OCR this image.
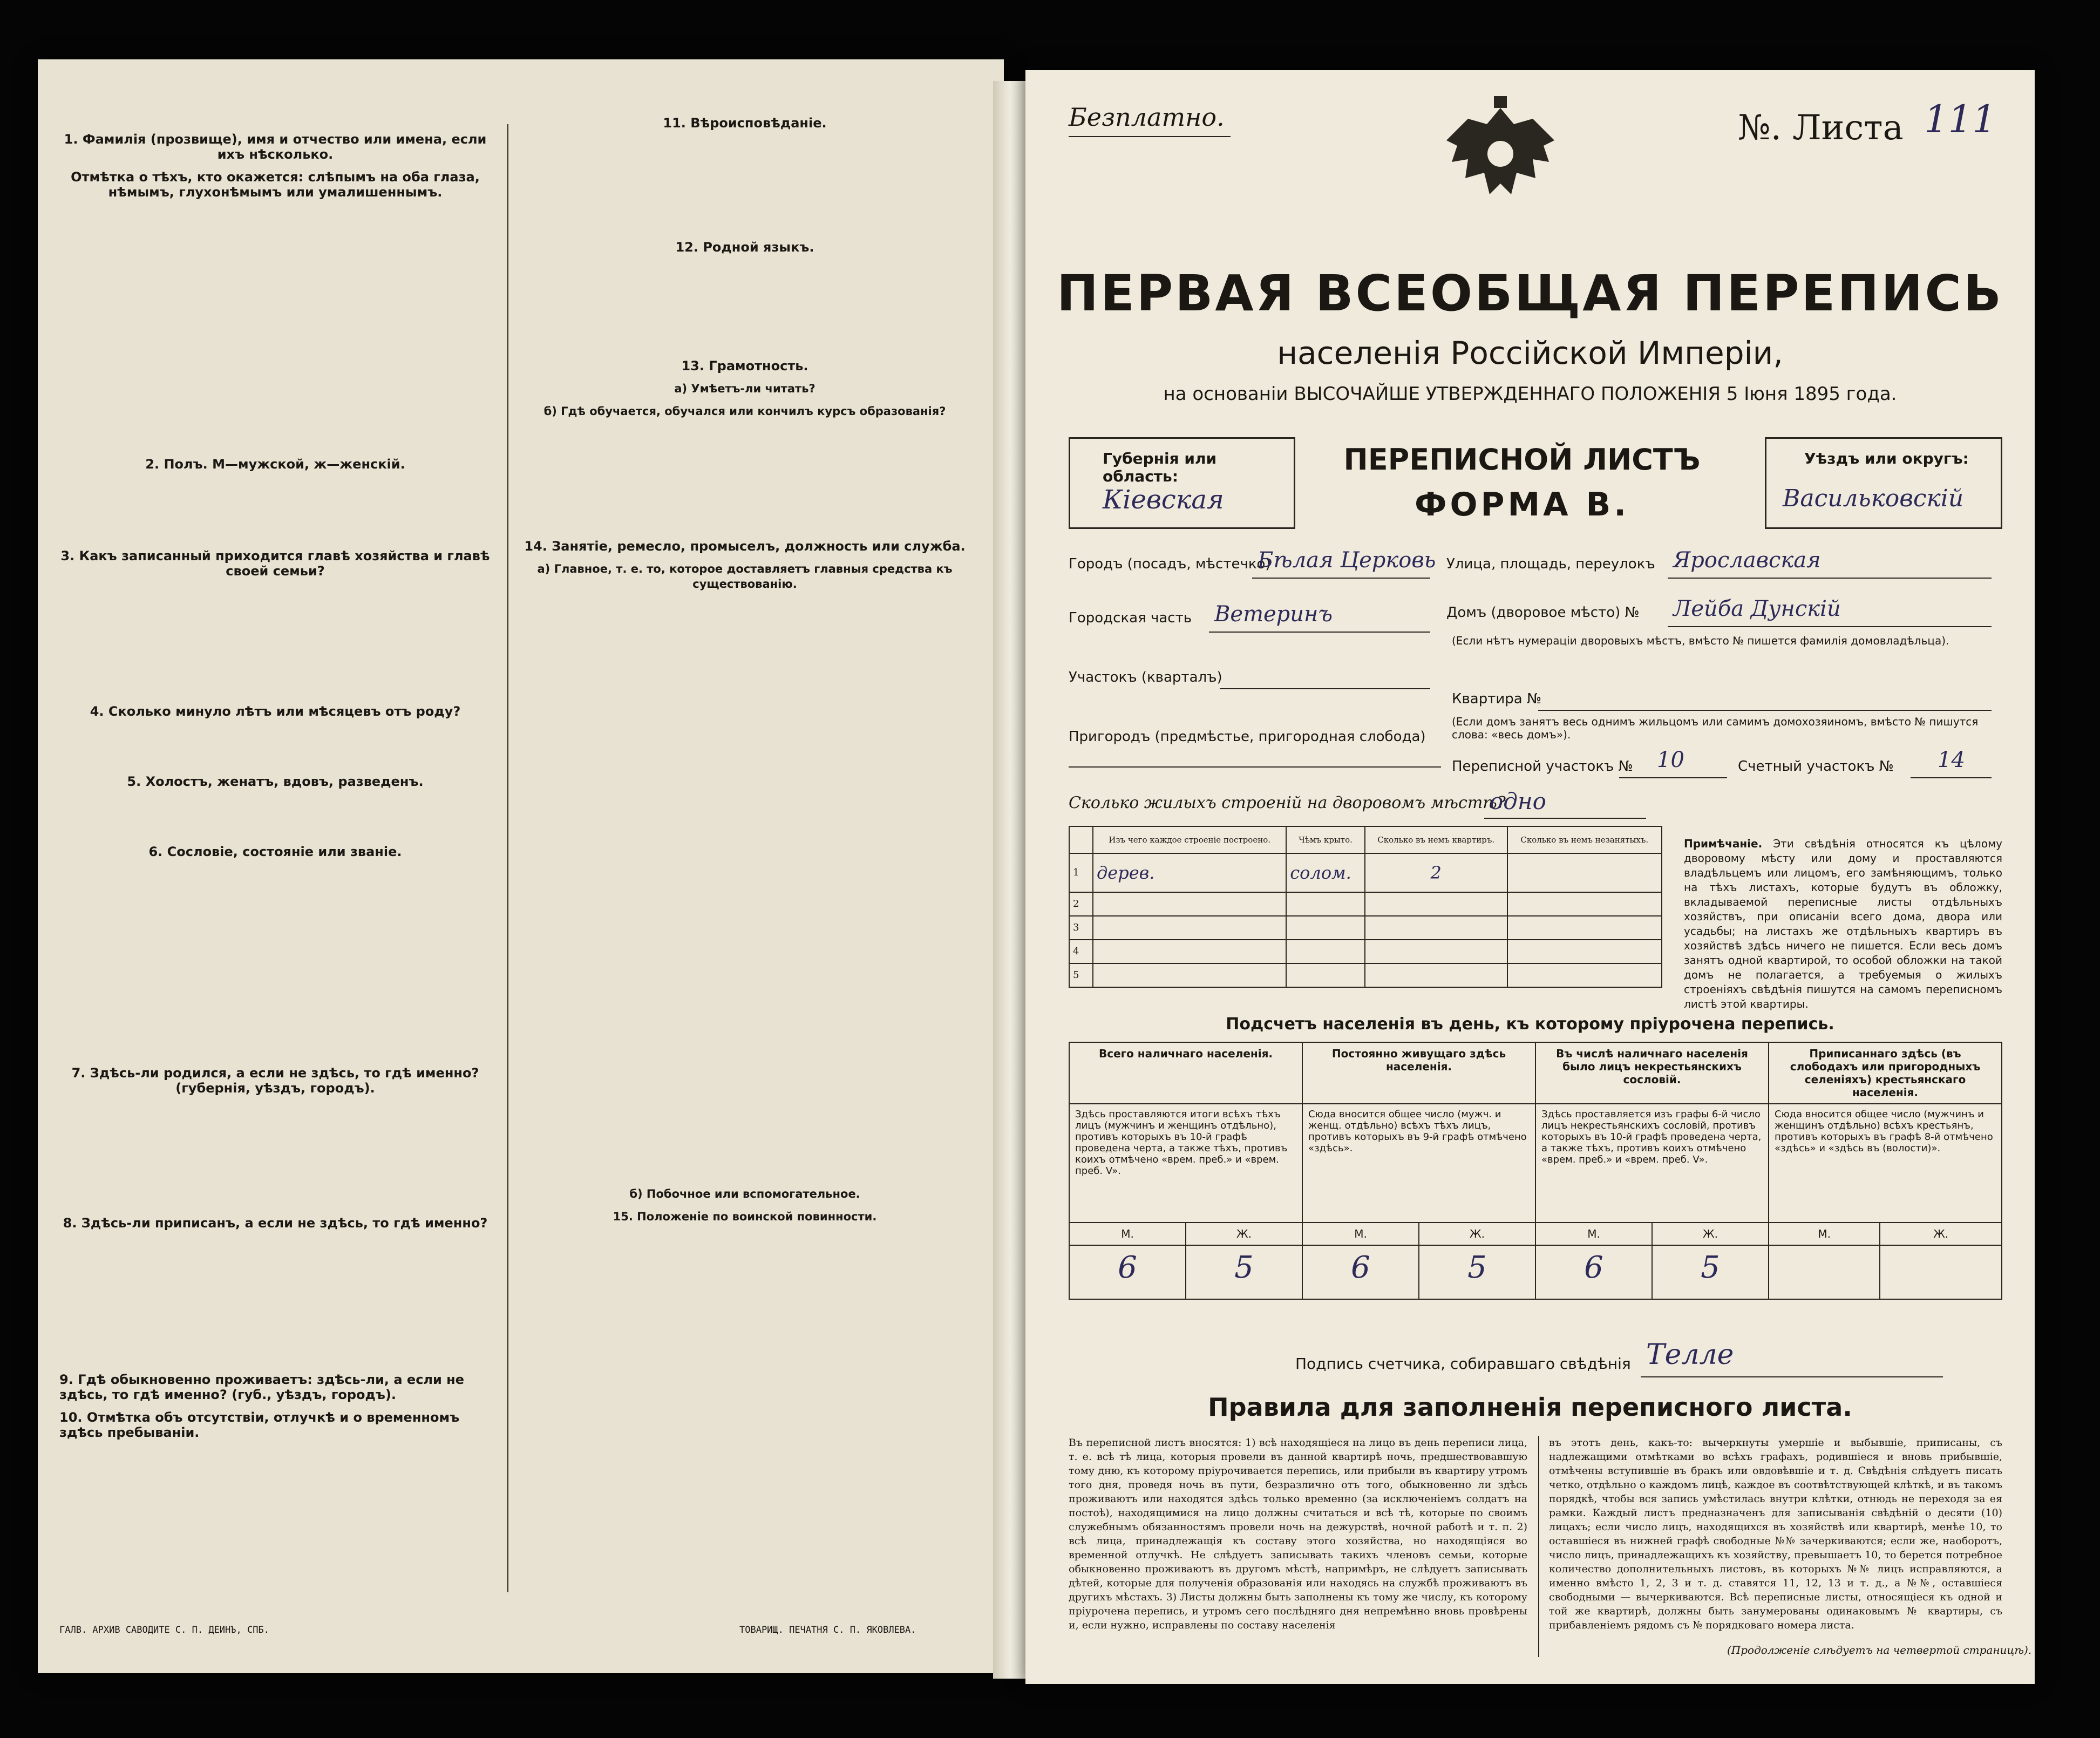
1. Фамилія (прозвище), имя и отчество или имена, если ихъ нѣсколько.
Отмѣтка о тѣхъ, кто окажется: слѣпымъ на оба глаза, нѣмымъ, глухонѣмымъ или умалишеннымъ.

2. Полъ. М—мужской, ж—женскій.
3. Какъ записанный приходится главѣ хозяйства и главѣ своей семьи?
4. Сколько минуло лѣтъ или мѣсяцевъ отъ роду?
5. Холостъ, женатъ, вдовъ, разведенъ.
6. Сословіе, состояніе или званіе.
7. Здѣсь-ли родился, а если не здѣсь, то гдѣ именно? (губернія, уѣздъ, городъ).
8. Здѣсь-ли приписанъ, а если не здѣсь, то гдѣ именно?
9. Гдѣ обыкновенно проживаетъ: здѣсь-ли, а если не здѣсь, то гдѣ именно? (губ., уѣздъ, городъ).
10. Отмѣтка объ отсутствіи, отлучкѣ и о временномъ здѣсь пребываніи.
11. Вѣроисповѣданіе.
12. Родной языкъ.
13. Грамотность.
а) Умѣетъ-ли читать?
б) Гдѣ обучается, обучался или кончилъ курсъ образованія?
14. Занятіе, ремесло, промыселъ, должность или служба.
а) Главное, т. е. то, которое доставляетъ главныя средства къ существованію.
б) Побочное или вспомогательное.
15. Положеніе по воинской повинности.
ГАЛВ. АРХИВ САВОДИТЕ С. П. ДЕИНЪ, СПБ.	ТОВАРИЩ. ПЕЧАТНЯ С. П. ЯКОВЛЕВА.
Безплатно.	№. Листа 111
ПЕРВАЯ ВСЕОБЩАЯ ПЕРЕПИСЬ
населенія Россійской Имперіи,
на основаніи ВЫСОЧАЙШЕ УТВЕРЖДЕННАГО ПОЛОЖЕНІЯ 5 Іюня 1895 года.
Губернія или область:
Кіевская
ПЕРЕПИСНОЙ ЛИСТЪ
ФОРМА В.
Уѣздъ или округъ:
Васильковскій
Городъ (посадъ, мѣстечко)
Бѣлая Церковь Улица, площадь, переулокъ Ярославская
Городская часть Ветеринъ	Домъ (дворовое мѣсто) № Лейба Дунскій
(Если нѣтъ нумераціи дворовыхъ мѣстъ, вмѣсто № пишется фамилія домовладѣльца).
Участокъ (кварталъ)
Квартира №
(Если домъ занятъ весь однимъ жильцомъ или самимъ домохозяиномъ, вмѣсто № пишутся слова: «весь домъ»).
Пригородъ (предмѣстье, пригородная слобода)
Переписной участокъ № 10	Счетный участокъ № 14
Сколько жилыхъ строеній на дворовомъ мѣстѣ?
одно
	Изъ чего каждое строеніе построено.	Чѣмъ крыто.	Сколько въ немъ квартиръ.	Сколько въ немъ незанятыхъ.
1	дерев.	солом.	2	
2				
3				
4				
5				
Примѣчаніе. Эти свѣдѣнія относятся къ цѣлому дворовому мѣсту или дому и проставляются владѣльцемъ или лицомъ, его замѣняющимъ, только на тѣхъ листахъ, которые будутъ въ обложку, вкладываемой переписные листы отдѣльныхъ хозяйствъ, при описаніи всего дома, двора или усадьбы; на листахъ же отдѣльныхъ квартиръ въ хозяйствѣ здѣсь ничего не пишется. Если весь домъ занятъ одной квартирой, то особой обложки на такой домъ не полагается, а требуемыя о жилыхъ строеніяхъ свѣдѣнія пишутся на самомъ переписномъ листѣ этой квартиры.
Подсчетъ населенія въ день, къ которому пріурочена перепись.
Всего наличнаго населенія.		Постоянно живущаго здѣсь населенія.		Въ числѣ наличнаго населенія было лицъ некрестьянскихъ сословій.		Приписаннаго здѣсь (въ слободахъ или пригородныхъ селеніяхъ) крестьянскаго населенія.	
Здѣсь проставляются итоги всѣхъ тѣхъ лицъ (мужчинъ и женщинъ отдѣльно), противъ которыхъ въ 10-й графѣ проведена черта, а также тѣхъ, противъ коихъ отмѣчено «врем. преб.» и «врем. преб. V».		Сюда вносится общее число (мужч. и женщ. отдѣльно) всѣхъ тѣхъ лицъ, противъ которыхъ въ 9-й графѣ отмѣчено «здѣсь».		Здѣсь проставляется изъ графы 6-й число лицъ некрестьянскихъ сословій, противъ которыхъ въ 10-й графѣ проведена черта, а также тѣхъ, противъ коихъ отмѣчено «врем. преб.» и «врем. преб. V».		Сюда вносится общее число (мужчинъ и женщинъ отдѣльно) всѣхъ крестьянъ, противъ которыхъ въ графѣ 8-й отмѣчено «здѣсь» и «здѣсь въ (волости)».	
М.	Ж.	М.	Ж.	М.	Ж.	М.	Ж.
6	5	6	5	6	5		
Подпись счетчика, собиравшаго свѣдѣнія Телле
Правила для заполненія переписного листа.
Въ переписной листъ вносятся: 1) всѣ находящіеся на лицо въ день переписи лица, т. е. всѣ тѣ лица, которыя провели въ данной квартирѣ ночь, предшествовавшую тому дню, къ которому пріурочивается перепись, или прибыли въ квартиру утромъ того дня, проведя ночь въ пути, безразлично отъ того, обыкновенно ли здѣсь проживаютъ или находятся здѣсь только временно (за исключеніемъ солдатъ на постоѣ), находящимися на лицо должны считаться и всѣ тѣ, которые по своимъ служебнымъ обязанностямъ провели ночь на дежурствѣ, ночной работѣ и т. п. 2) всѣ лица, принадлежащія къ составу этого хозяйства, но находящіяся во временной отлучкѣ. Не слѣдуетъ записывать такихъ членовъ семьи, которые обыкновенно проживаютъ въ другомъ мѣстѣ, напримѣръ, не слѣдуетъ записывать дѣтей, которые для полученія образованія или находясь на службѣ проживаютъ въ другихъ мѣстахъ. 3) Листы должны быть заполнены къ тому же числу, къ которому пріурочена перепись, и утромъ сего послѣдняго дня непремѣнно вновь провѣрены и, если нужно, исправлены по составу населенія
въ этотъ день, какъ-то: вычеркнуты умершіе и выбывшіе, приписаны, съ надлежащими отмѣтками во всѣхъ графахъ, родившіеся и вновь прибывшіе, отмѣчены вступившіе въ бракъ или овдовѣвшіе и т. д. Свѣдѣнія слѣдуетъ писать четко, отдѣльно о каждомъ лицѣ, каждое въ соотвѣтствующей клѣткѣ, и въ такомъ порядкѣ, чтобы вся запись умѣстилась внутри клѣтки, отнюдь не переходя за ея рамки. Каждый листъ предназначенъ для записыванія свѣдѣній о десяти (10) лицахъ; если число лицъ, находящихся въ хозяйствѣ или квартирѣ, менѣе 10, то оставшіеся въ нижней графѣ свободные №№ зачеркиваются; если же, наоборотъ, число лицъ, принадлежащихъ къ хозяйству, превышаетъ 10, то берется потребное количество дополнительныхъ листовъ, въ которыхъ №№ лицъ исправляются, а именно вмѣсто 1, 2, 3 и т. д. ставятся 11, 12, 13 и т. д., а №№, оставшіеся свободными — вычеркиваются. Всѣ переписные листы, относящіеся къ одной и той же квартирѣ, должны быть занумерованы одинаковымъ № квартиры, съ прибавленіемъ рядомъ съ № порядковаго номера листа.
(Продолженіе слѣдуетъ на четвертой страницѣ).
